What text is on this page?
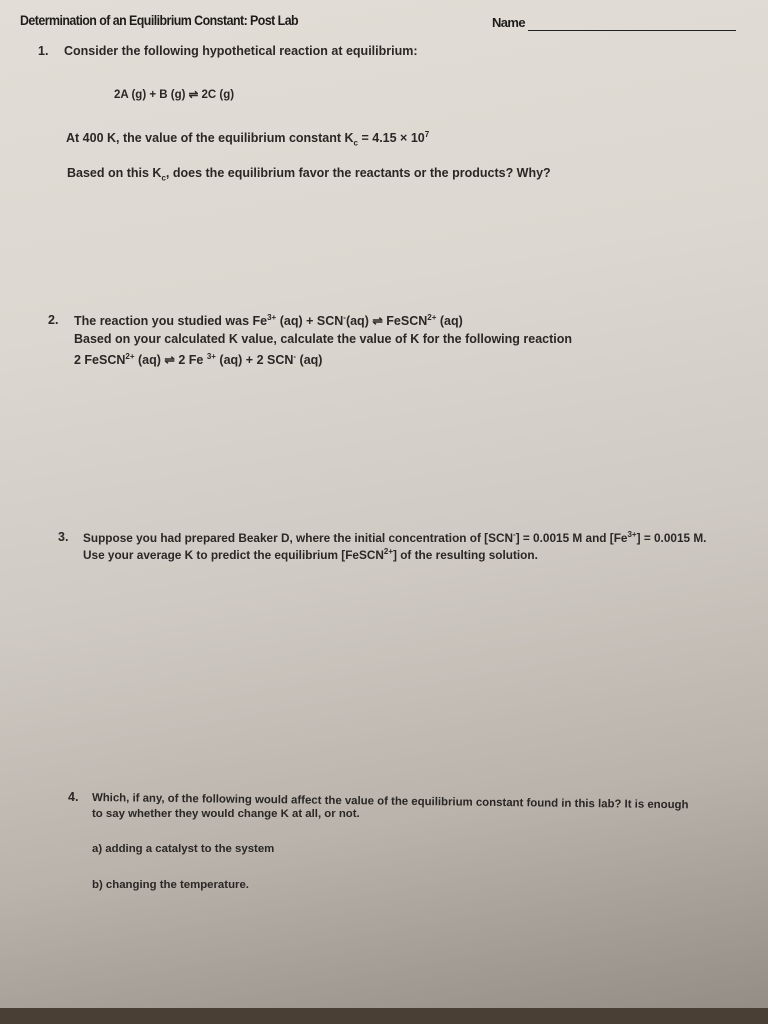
Determination of an Equilibrium Constant: Post Lab	Name
1. Consider the following hypothetical reaction at equilibrium:
2A (g) + B (g) ⇌ 2C (g)
At 400 K, the value of the equilibrium constant $K_c = 4.15 \times 10^7$
Based on this $K_c$, does the equilibrium favor the reactants or the products? Why?
2. The reaction you studied was $Fe^{3+}$ (aq) + SCN-(aq) ⇌ FeSCN$^{2+}$ (aq)
Based on your calculated K value, calculate the value of K for the following reaction
2 FeSCN$^{2+}$ (aq) ⇌ 2 Fe $^{3+}$ (aq) + 2 SCN- (aq)
3. Suppose you had prepared Beaker D, where the initial concentration of [SCN-] = 0.0015 M and $[Fe^{3+}] = 0.0015$ M.
Use your average K to predict the equilibrium [FeSCN$^{2+}$] of the resulting solution.
4. Which, if any, of the following would affect the value of the equilibrium constant found in this lab? It is enough
to say whether they would change K at all, or not.
a) adding a catalyst to the system
b) changing the temperature.
